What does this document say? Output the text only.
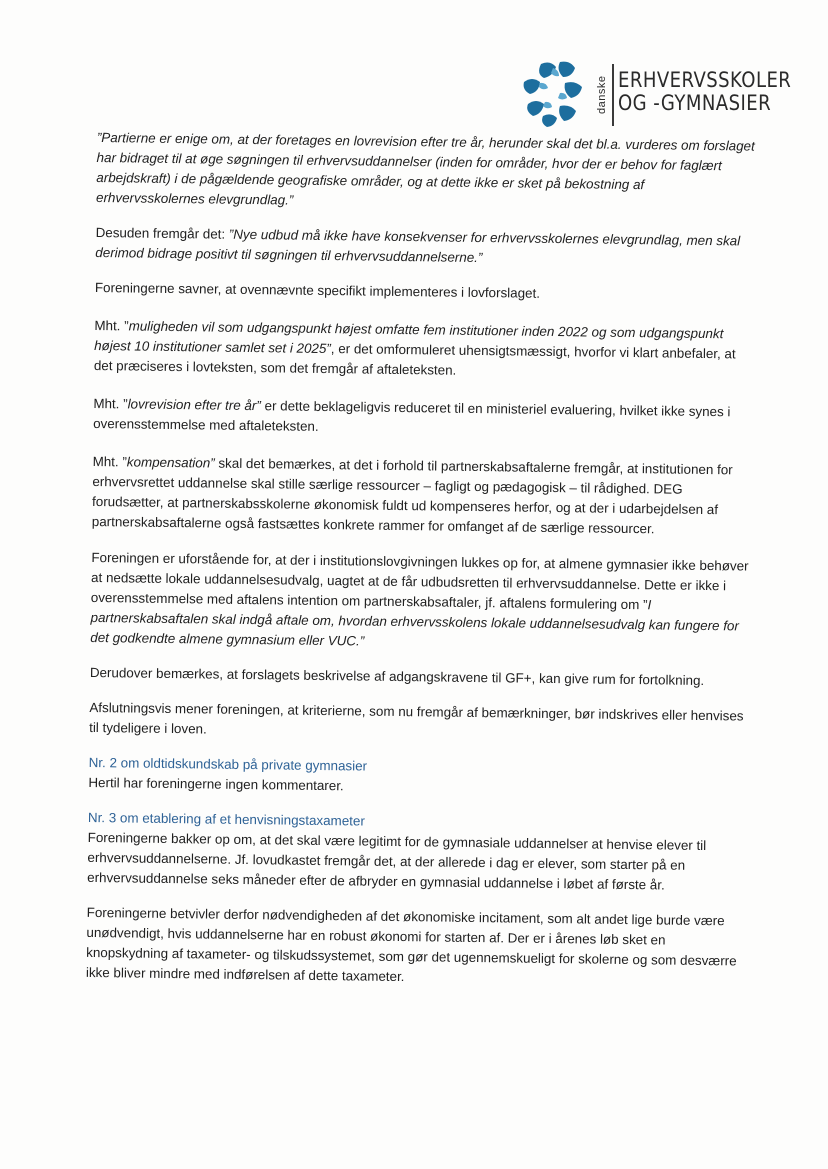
danske ERHVERVSSKOLER
OG -GYMNASIER

”Partierne er enige om, at der foretages en lovrevision efter tre år, herunder skal det bl.a. vurderes om forslaget har bidraget til at øge søgningen til erhvervsuddannelser (inden for områder, hvor der er behov for faglært arbejdskraft) i de pågældende geografiske områder, og at dette ikke er sket på bekostning af erhvervsskolernes elevgrundlag.”

Desuden fremgår det: ”Nye udbud må ikke have konsekvenser for erhvervsskolernes elevgrundlag, men skal derimod bidrage positivt til søgningen til erhvervsuddannelserne.”

Foreningerne savner, at ovennævnte specifikt implementeres i lovforslaget.

Mht. ”muligheden vil som udgangspunkt højest omfatte fem institutioner inden 2022 og som udgangspunkt højest 10 institutioner samlet set i 2025”, er det omformuleret uhensigtsmæssigt, hvorfor vi klart anbefaler, at det præciseres i lovteksten, som det fremgår af aftaleteksten.

Mht. ”lovrevision efter tre år” er dette beklageligvis reduceret til en ministeriel evaluering, hvilket ikke synes i overensstemmelse med aftaleteksten.

Mht. ”kompensation” skal det bemærkes, at det i forhold til partnerskabsaftalerne fremgår, at institutionen for erhvervsrettet uddannelse skal stille særlige ressourcer – fagligt og pædagogisk – til rådighed. DEG forudsætter, at partnerskabsskolerne økonomisk fuldt ud kompenseres herfor, og at der i udarbejdelsen af partnerskabsaftalerne også fastsættes konkrete rammer for omfanget af de særlige ressourcer.

Foreningen er uforstående for, at der i institutionslovgivningen lukkes op for, at almene gymnasier ikke behøver at nedsætte lokale uddannelsesudvalg, uagtet at de får udbudsretten til erhvervsuddannelse. Dette er ikke i overensstemmelse med aftalens intention om partnerskabsaftaler, jf. aftalens formulering om ”I partnerskabsaftalen skal indgå aftale om, hvordan erhvervsskolens lokale uddannelsesudvalg kan fungere for det godkendte almene gymnasium eller VUC.”

Derudover bemærkes, at forslagets beskrivelse af adgangskravene til GF+, kan give rum for fortolkning.

Afslutningsvis mener foreningen, at kriterierne, som nu fremgår af bemærkninger, bør indskrives eller henvises til tydeligere i loven.

Nr. 2 om oldtidskundskab på private gymnasier

Hertil har foreningerne ingen kommentarer.

Nr. 3 om etablering af et henvisningstaxameter

Foreningerne bakker op om, at det skal være legitimt for de gymnasiale uddannelser at henvise elever til erhvervsuddannelserne. Jf. lovudkastet fremgår det, at der allerede i dag er elever, som starter på en erhvervsuddannelse seks måneder efter de afbryder en gymnasial uddannelse i løbet af første år.

Foreningerne betvivler derfor nødvendigheden af det økonomiske incitament, som alt andet lige burde være unødvendigt, hvis uddannelserne har en robust økonomi for starten af. Der er i årenes løb sket en knopskydning af taxameter- og tilskudssystemet, som gør det ugennemskueligt for skolerne og som desværre ikke bliver mindre med indførelsen af dette taxameter.
